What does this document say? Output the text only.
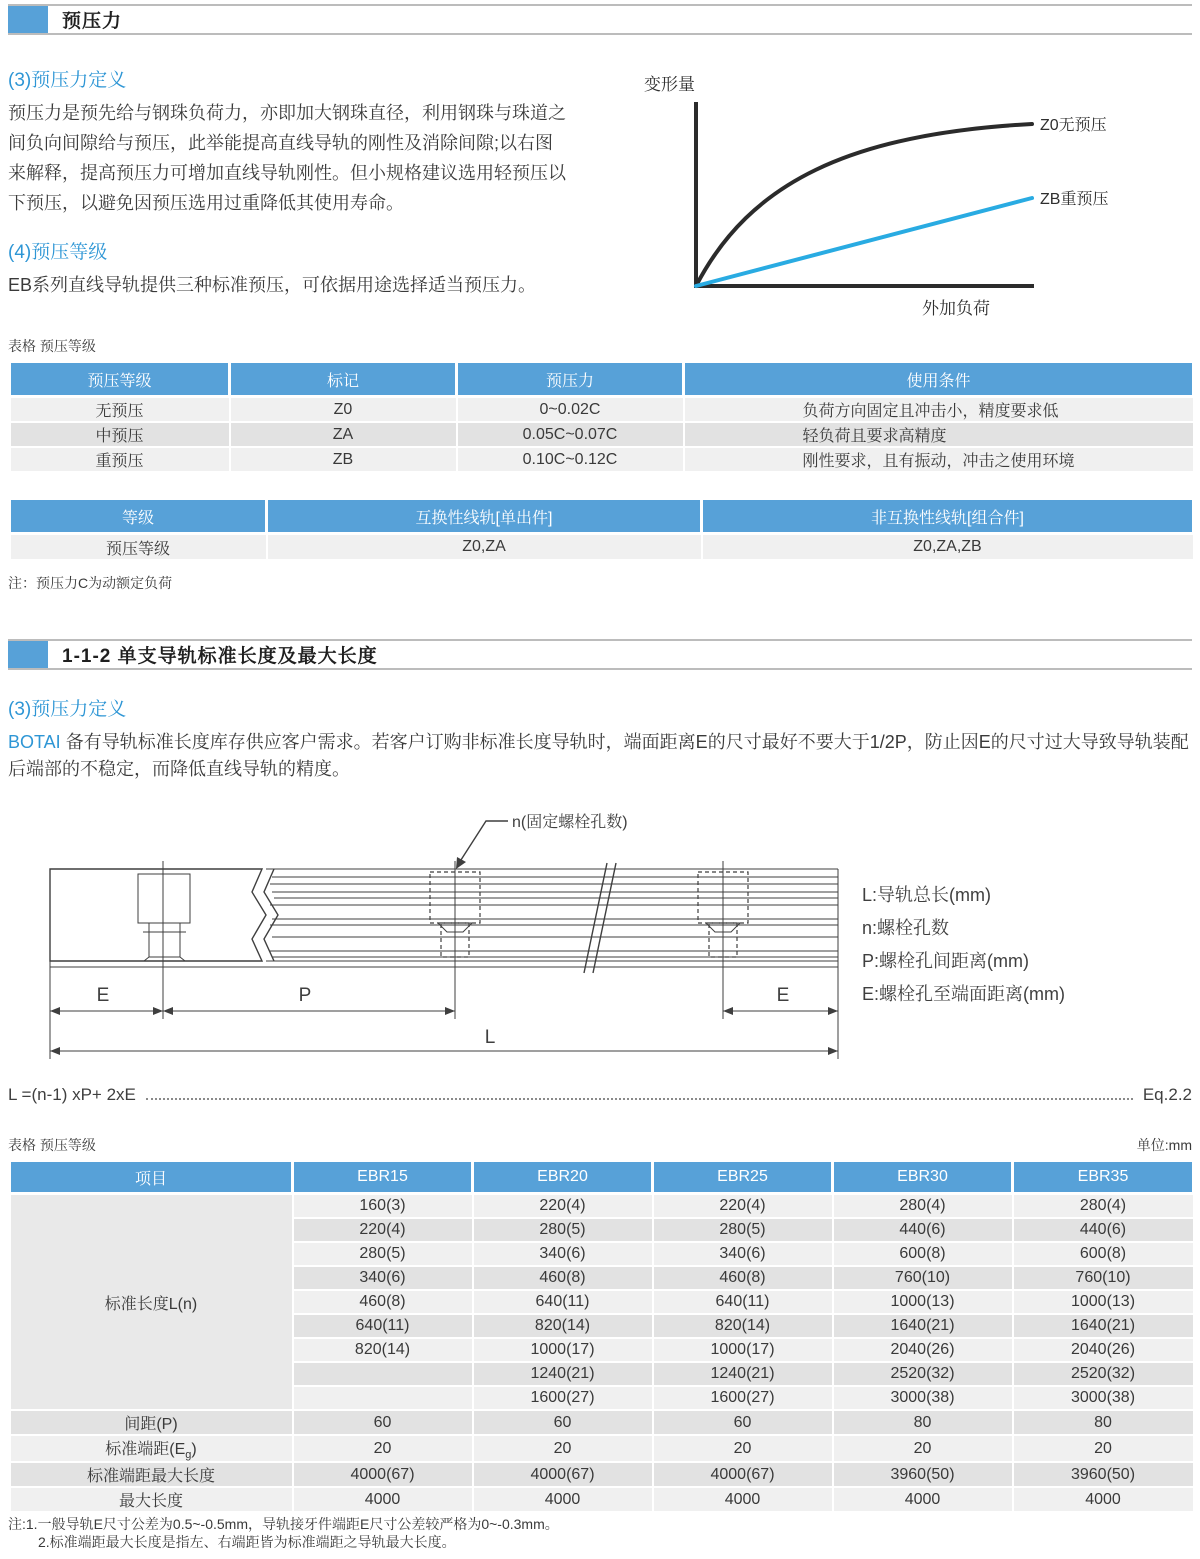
预压力
(3)预压力定义

预压力是预先给与钢珠负荷力，亦即加大钢珠直径，利用钢珠与珠道之间负向间隙给与预压，此举能提高直线导轨的刚性及消除间隙;以右图来解释，提高预压力可增加直线导轨刚性。但小规格建议选用轻预压以下预压，以避免因预压选用过重降低其使用寿命。

(4)预压等级

EB系列直线导轨提供三种标准预压，可依据用途选择适当预压力。

变形量
Z0无预压
ZB重预压
外加负荷
表格 预压等级
预压等级	标记	预压力	使用条件
无预压	Z0	0~0.02C	负荷方向固定且冲击小，精度要求低
中预压	ZA	0.05C~0.07C	轻负荷且要求高精度
重预压	ZB	0.10C~0.12C	刚性要求，且有振动，冲击之使用环境
等级	互换性线轨[单出件]	非互换性线轨[组合件]
预压等级	Z0,ZA	Z0,ZA,ZB
注：预压力C为动额定负荷
1-1-2 单支导轨标准长度及最大长度
(3)预压力定义

BOTAI 备有导轨标准长度库存供应客户需求。若客户订购非标准长度导轨时，端面距离E的尺寸最好不要大于1/2P，防止因E的尺寸过大导致导轨装配后端部的不稳定，而降低直线导轨的精度。

E	P	E
L
n(固定螺栓孔数)
L:导轨总长(mm)
n:螺栓孔数
P:螺栓孔间距离(mm)
E:螺栓孔至端面距离(mm)
L =(n-1) xP+ 2xE	Eq.2.2
表格 预压等级	单位:mm
项目	EBR15	EBR20	EBR25	EBR30	EBR35
标准长度L(n)	160(3)	220(4)	220(4)	280(4)	280(4)
	220(4)	280(5)	280(5)	440(6)	440(6)
	280(5)	340(6)	340(6)	600(8)	600(8)
	340(6)	460(8)	460(8)	760(10)	760(10)
	460(8)	640(11)	640(11)	1000(13)	1000(13)
	640(11)	820(14)	820(14)	1640(21)	1640(21)
	820(14)	1000(17)	1000(17)	2040(26)	2040(26)
		1240(21)	1240(21)	2520(32)	2520(32)
		1600(27)	1600(27)	3000(38)	3000(38)
间距(P)	60	60	60	80	80
标准端距$(E_g)$	20	20	20	20	20
标准端距最大长度	4000(67)	4000(67)	4000(67)	3960(50)	3960(50)
最大长度	4000	4000	4000	4000	4000
注:1.一般导轨E尺寸公差为0.5~-0.5mm，导轨接牙件端距E尺寸公差较严格为0~-0.3mm。
2.标准端距最大长度是指左、右端距皆为标准端距之导轨最大长度。
